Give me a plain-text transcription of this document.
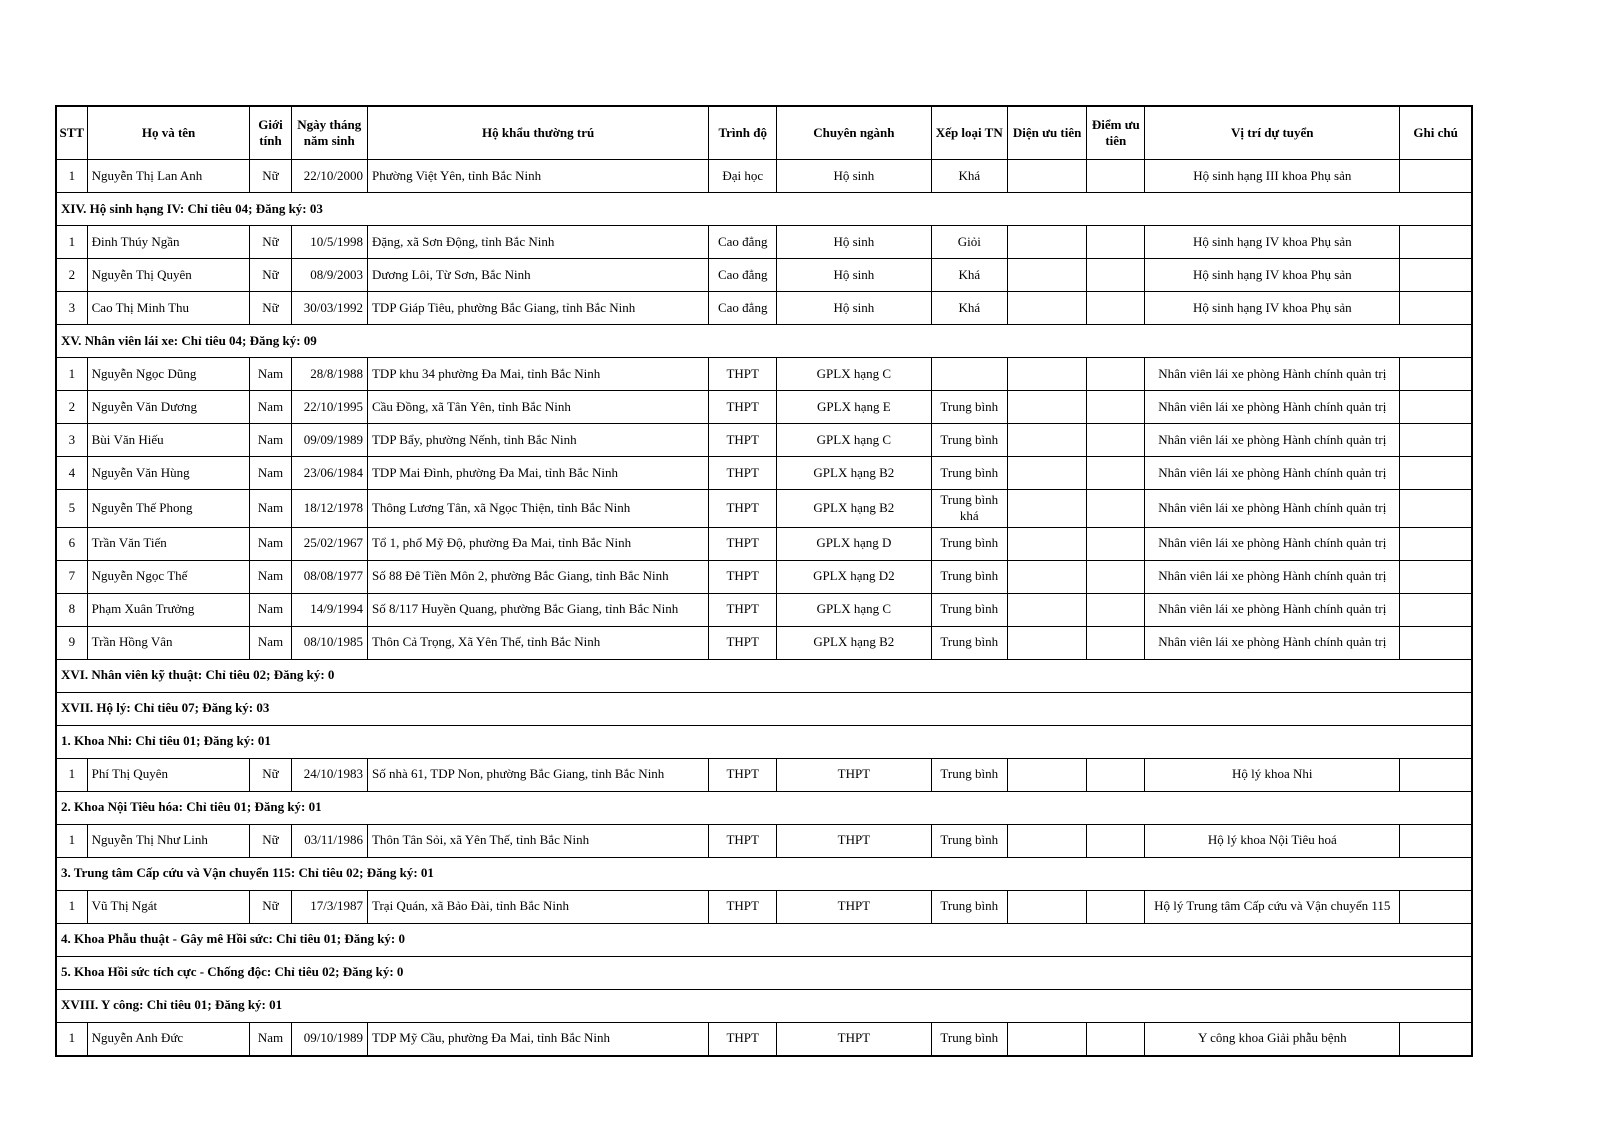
STT	Họ và tên	Giới tính	Ngày tháng năm sinh	Hộ khẩu thường trú	Trình độ	Chuyên ngành	Xếp loại TN	Diện ưu tiên	Điểm ưu tiên	Vị trí dự tuyển	Ghi chú
1	Nguyễn Thị Lan Anh	Nữ	22/10/2000	Phường Việt Yên, tỉnh Bắc Ninh	Đại học	Hộ sinh	Khá			Hộ sinh hạng III khoa Phụ sản	
XIV. Hộ sinh hạng IV: Chỉ tiêu 04; Đăng ký: 03											
1	Đinh Thúy Ngần	Nữ	10/5/1998	Đặng, xã Sơn Động, tỉnh Bắc Ninh	Cao đẳng	Hộ sinh	Giỏi			Hộ sinh hạng IV khoa Phụ sản	
2	Nguyễn Thị Quyên	Nữ	08/9/2003	Dương Lôi, Từ Sơn, Bắc Ninh	Cao đẳng	Hộ sinh	Khá			Hộ sinh hạng IV khoa Phụ sản	
3	Cao Thị Minh Thu	Nữ	30/03/1992	TDP Giáp Tiêu, phường Bắc Giang, tỉnh Bắc Ninh	Cao đẳng	Hộ sinh	Khá			Hộ sinh hạng IV khoa Phụ sản	
XV. Nhân viên lái xe: Chỉ tiêu 04; Đăng ký: 09											
1	Nguyễn Ngọc Dũng	Nam	28/8/1988	TDP khu 34 phường Đa Mai, tỉnh Bắc Ninh	THPT	GPLX hạng C				Nhân viên lái xe phòng Hành chính quản trị	
2	Nguyễn Văn Dương	Nam	22/10/1995	Cầu Đồng, xã Tân Yên, tỉnh Bắc Ninh	THPT	GPLX hạng E	Trung bình			Nhân viên lái xe phòng Hành chính quản trị	
3	Bùi Văn Hiếu	Nam	09/09/1989	TDP Bẩy, phường Nếnh, tỉnh Bắc Ninh	THPT	GPLX hạng C	Trung bình			Nhân viên lái xe phòng Hành chính quản trị	
4	Nguyễn Văn Hùng	Nam	23/06/1984	TDP Mai Đình, phường Đa Mai, tỉnh Bắc Ninh	THPT	GPLX hạng B2	Trung bình			Nhân viên lái xe phòng Hành chính quản trị	
5	Nguyễn Thế Phong	Nam	18/12/1978	Thông Lương Tân, xã Ngọc Thiện, tỉnh Bắc Ninh	THPT	GPLX hạng B2	Trung bình khá			Nhân viên lái xe phòng Hành chính quản trị	
6	Trần Văn Tiến	Nam	25/02/1967	Tổ 1, phố Mỹ Độ, phường Đa Mai, tỉnh Bắc Ninh	THPT	GPLX hạng D	Trung bình			Nhân viên lái xe phòng Hành chính quản trị	
7	Nguyễn Ngọc Thế	Nam	08/08/1977	Số 88 Đê Tiền Môn 2, phường Bắc Giang, tỉnh Bắc Ninh	THPT	GPLX hạng D2	Trung bình			Nhân viên lái xe phòng Hành chính quản trị	
8	Phạm Xuân Trưởng	Nam	14/9/1994	Số 8/117 Huyền Quang, phường Bắc Giang, tỉnh Bắc Ninh	THPT	GPLX hạng C	Trung bình			Nhân viên lái xe phòng Hành chính quản trị	
9	Trần Hồng Vân	Nam	08/10/1985	Thôn Cả Trọng, Xã Yên Thế, tỉnh Bắc Ninh	THPT	GPLX hạng B2	Trung bình			Nhân viên lái xe phòng Hành chính quản trị	
XVI. Nhân viên kỹ thuật: Chỉ tiêu 02; Đăng ký: 0											
XVII. Hộ lý: Chỉ tiêu 07; Đăng ký: 03											
1. Khoa Nhi: Chỉ tiêu 01; Đăng ký: 01											
1	Phí Thị Quyên	Nữ	24/10/1983	Số nhà 61, TDP Non, phường Bắc Giang, tỉnh Bắc Ninh	THPT	THPT	Trung bình			Hộ lý khoa Nhi	
2. Khoa Nội Tiêu hóa: Chỉ tiêu 01; Đăng ký: 01											
1	Nguyễn Thị Như Linh	Nữ	03/11/1986	Thôn Tân Sỏi, xã Yên Thế, tỉnh Bắc Ninh	THPT	THPT	Trung bình			Hộ lý khoa Nội Tiêu hoá	
3. Trung tâm Cấp cứu và Vận chuyển 115: Chỉ tiêu 02; Đăng ký: 01											
1	Vũ Thị Ngát	Nữ	17/3/1987	Trại Quán, xã Bảo Đài, tỉnh Bắc Ninh	THPT	THPT	Trung bình			Hộ lý Trung tâm Cấp cứu và Vận chuyển 115	
4. Khoa Phẫu thuật - Gây mê Hồi sức: Chỉ tiêu 01; Đăng ký: 0											
5. Khoa Hồi sức tích cực - Chống độc: Chỉ tiêu 02; Đăng ký: 0											
XVIII. Y công: Chỉ tiêu 01; Đăng ký: 01											
1	Nguyễn Anh Đức	Nam	09/10/1989	TDP Mỹ Cầu, phường Đa Mai, tỉnh Bắc Ninh	THPT	THPT	Trung bình			Y công khoa Giải phẫu bệnh	
